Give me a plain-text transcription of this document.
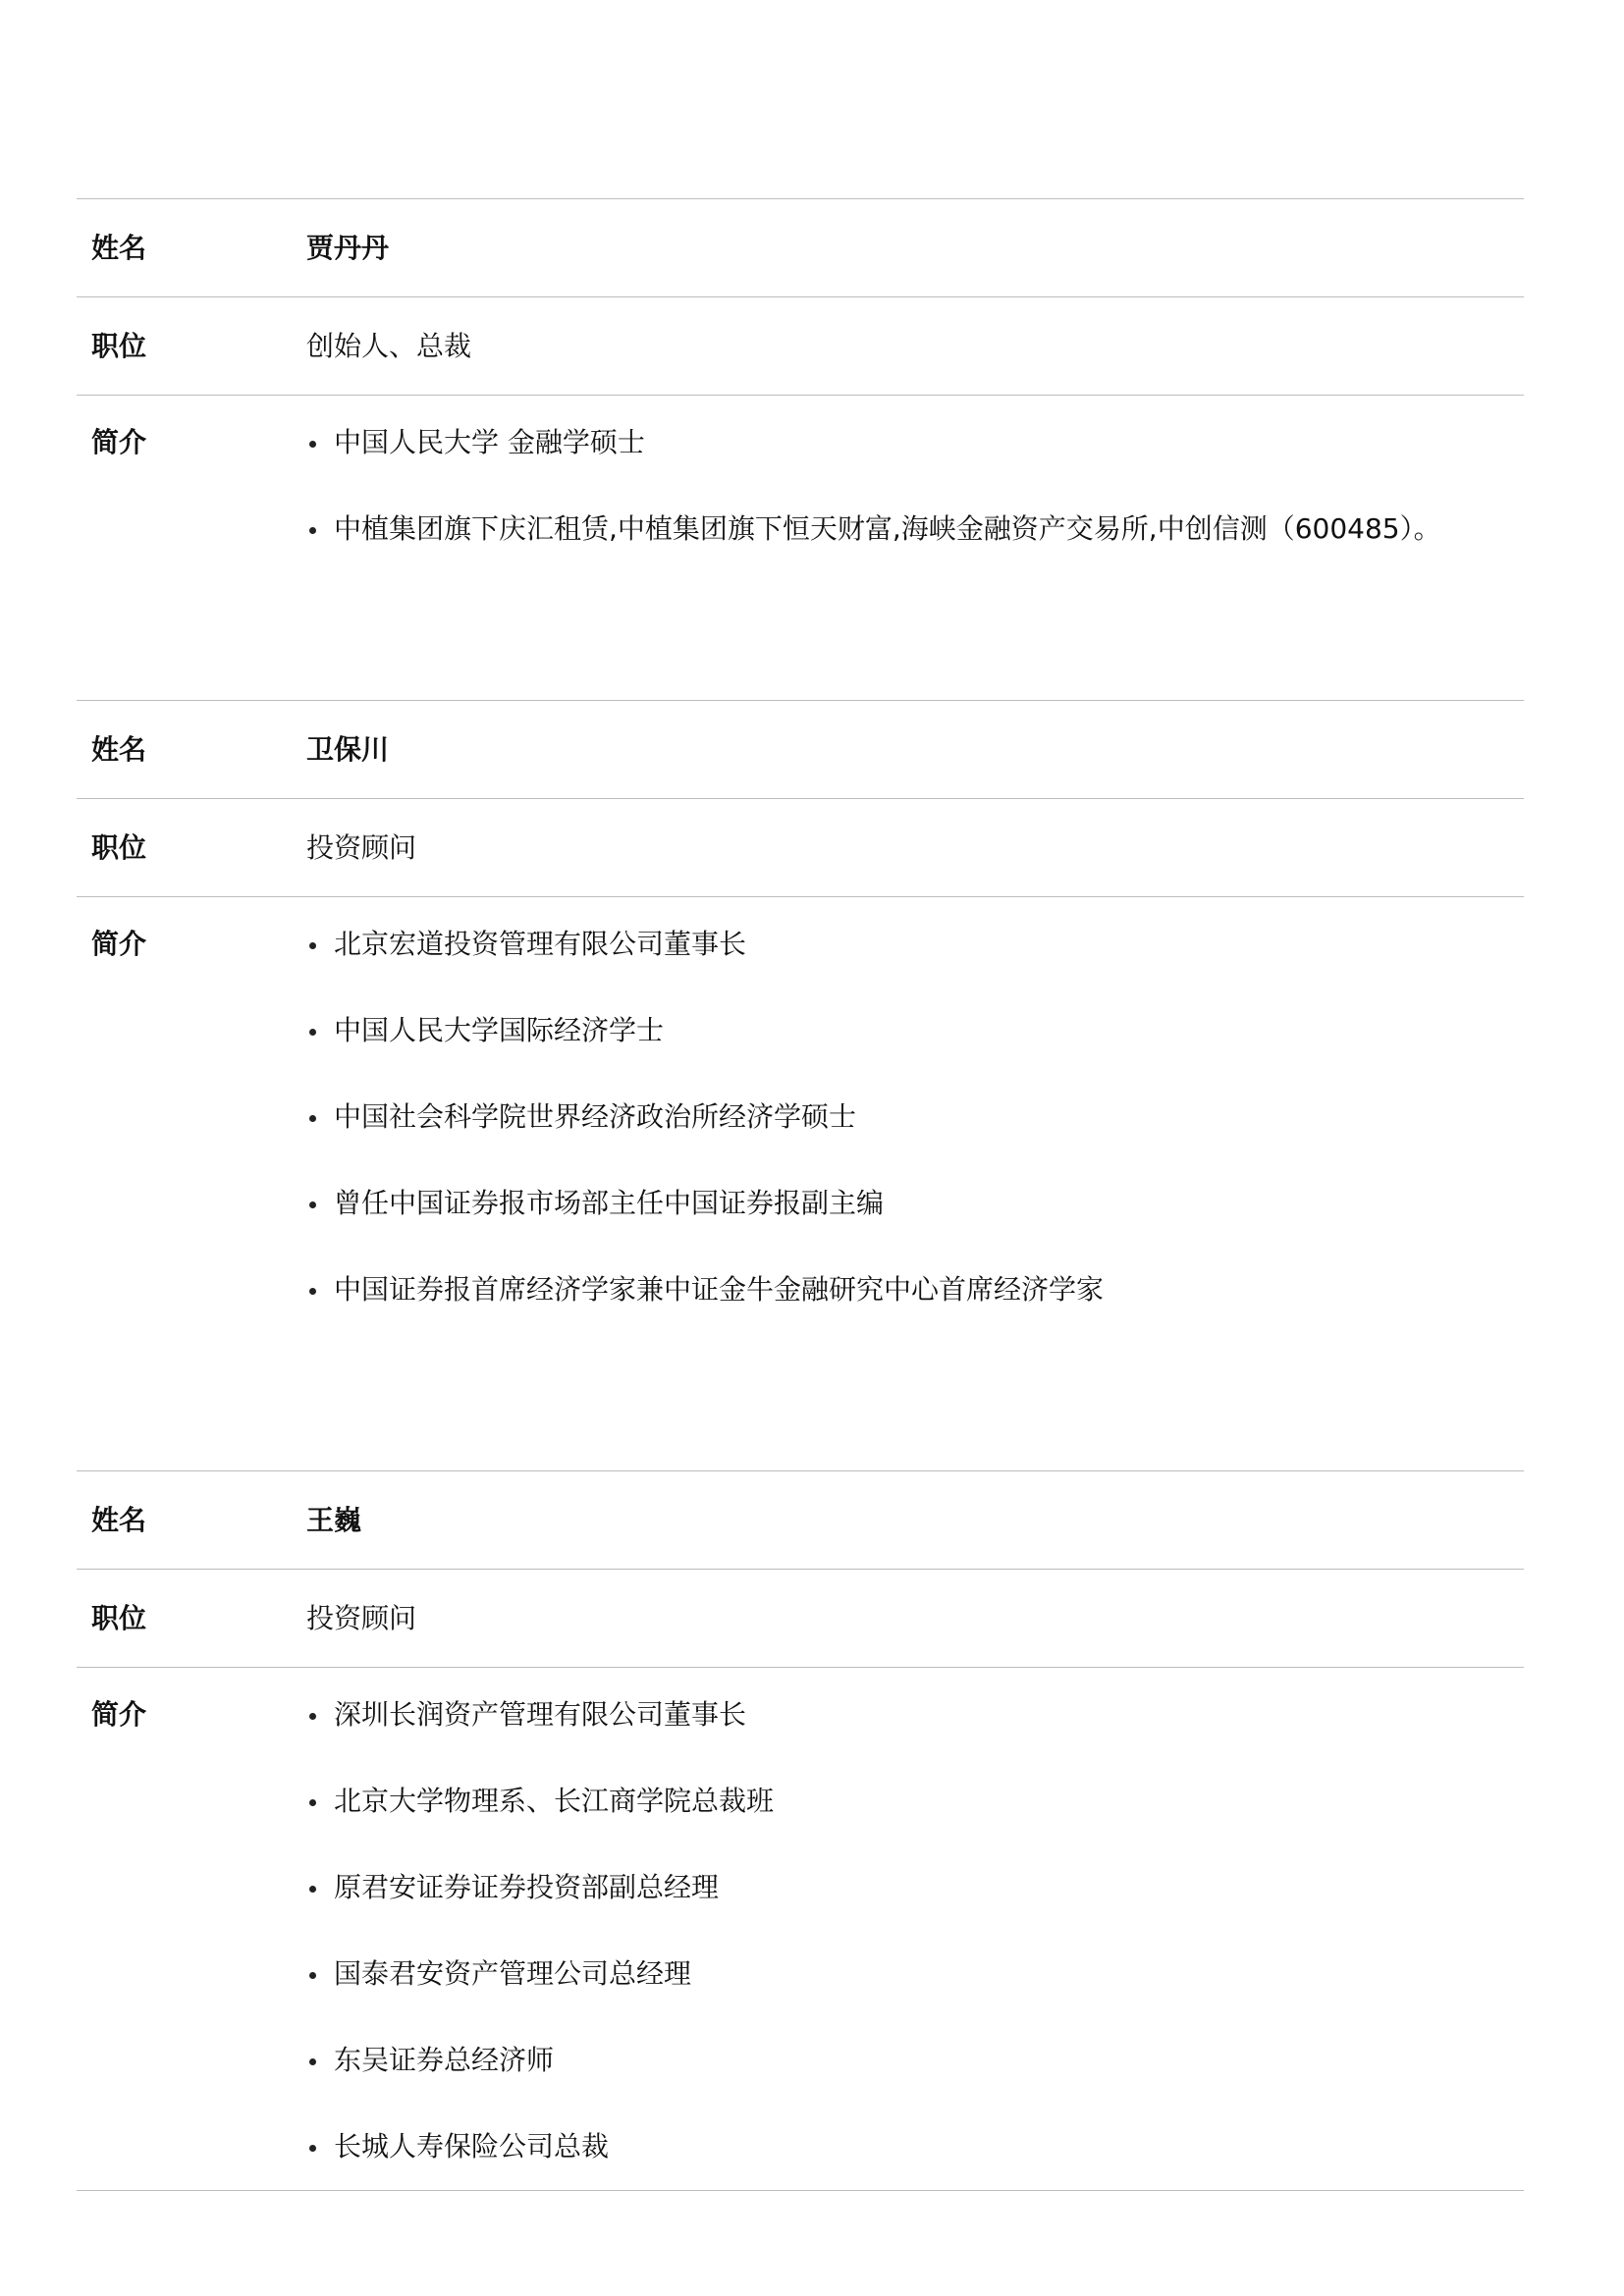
姓名	贾丹丹
职位	创始人、总裁
简介	中国人民大学 金融学硕士
中植集团旗下庆汇租赁,中植集团旗下恒天财富,海峡金融资产交易所,中创信测（600485）。
姓名	卫保川
职位	投资顾问
简介	北京宏道投资管理有限公司董事长
中国人民大学国际经济学士
中国社会科学院世界经济政治所经济学硕士
曾任中国证券报市场部主任中国证券报副主编
中国证券报首席经济学家兼中证金牛金融研究中心首席经济学家
姓名	王巍
职位	投资顾问
简介	深圳长润资产管理有限公司董事长
北京大学物理系、长江商学院总裁班
原君安证券证券投资部副总经理
国泰君安资产管理公司总经理
东吴证券总经济师
长城人寿保险公司总裁
